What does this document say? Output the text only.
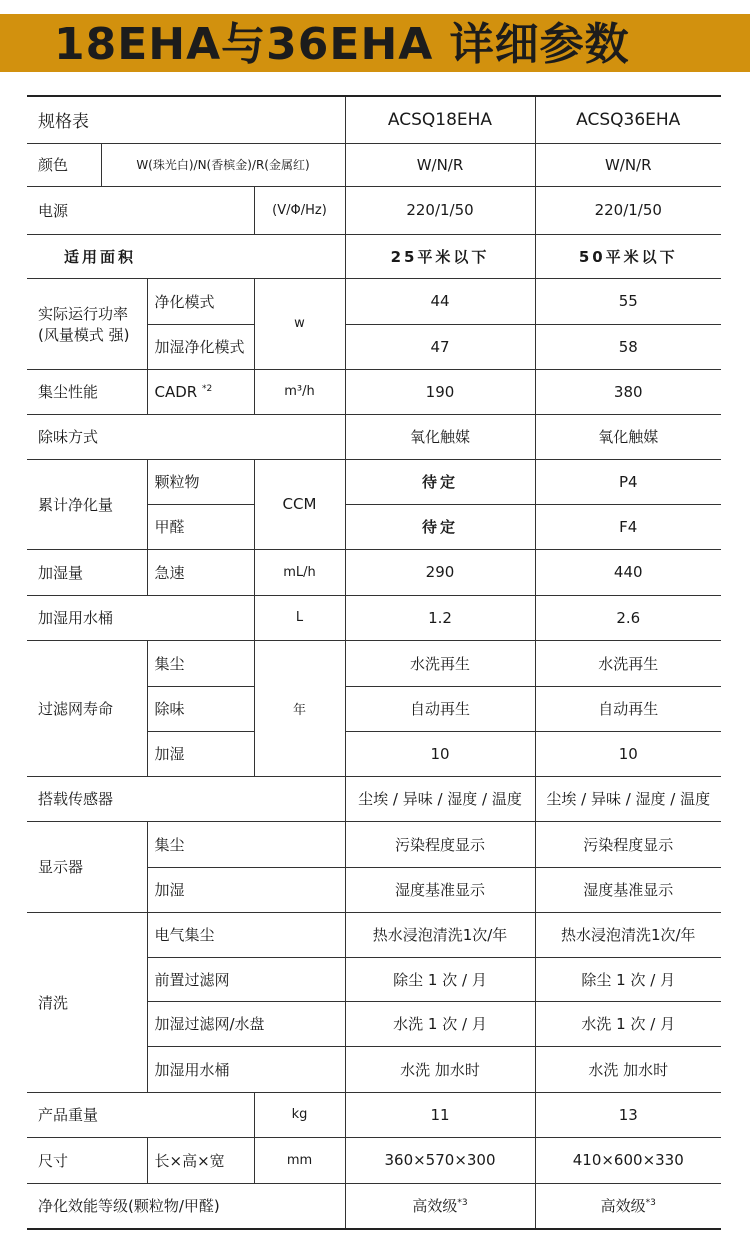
18EHA与36EHA 详细参数
规格表				ACSQ18EHA	ACSQ36EHA
颜色	W(珠光白)/N(香槟金)/R(金属红)			W/N/R	W/N/R
电源			(V/Φ/Hz)	220/1/50	220/1/50
适用面积				25平米以下	50平米以下

实际运行功率
(风量模式 强)		净化模式	w	44	55
		加湿净化模式		47	58
集尘性能		CADR $^{*2}$	m³/h	190	380
除味方式				氧化触媒	氧化触媒
累计净化量		颗粒物	CCM	待定	P4
		甲醛		待定	F4
加湿量		急速	mL/h	290	440
加湿用水桶			L	1.2	2.6
过滤网寿命		集尘	年	水洗再生	水洗再生
		除味		自动再生	自动再生
		加湿		10	10
搭载传感器				尘埃 / 异味 / 湿度 / 温度	尘埃 / 异味 / 湿度 / 温度
显示器		集尘		污染程度显示	污染程度显示
		加湿		湿度基准显示	湿度基准显示
清洗		电气集尘		热水浸泡清洗1次/年	热水浸泡清洗1次/年
		前置过滤网		除尘 1 次 / 月	除尘 1 次 / 月
		加湿过滤网/水盘		水洗 1 次 / 月	水洗 1 次 / 月
		加湿用水桶		水洗 加水时	水洗 加水时
产品重量			kg	11	13
尺寸		长×高×宽	mm	360×570×300	410×600×330
净化效能等级(颗粒物/甲醛)				高效级$^{*3}$	高效级$^{*3}$
